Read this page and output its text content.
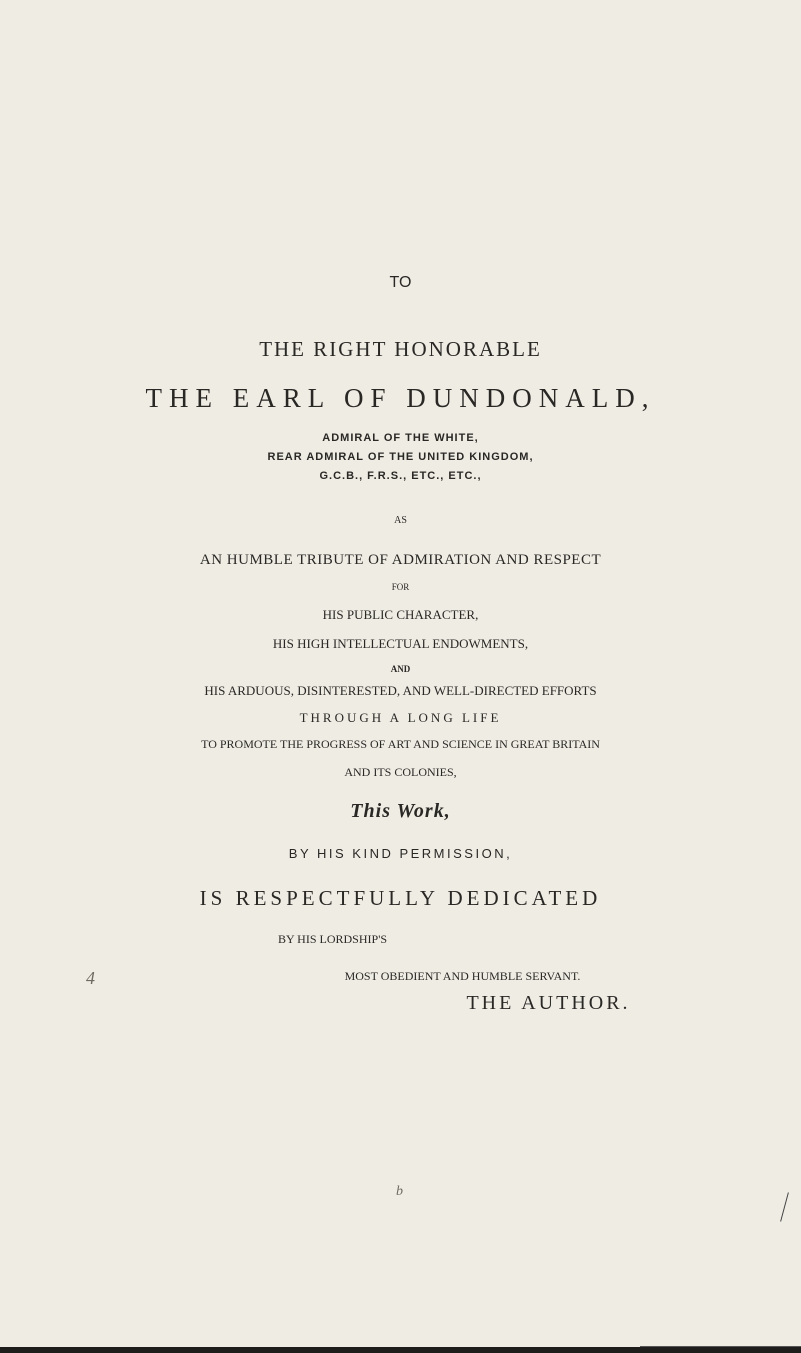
TO
THE RIGHT HONORABLE
THE EARL OF DUNDONALD,
ADMIRAL OF THE WHITE,
REAR ADMIRAL OF THE UNITED KINGDOM,
G.C.B., F.R.S., ETC., ETC.,
AS
AN HUMBLE TRIBUTE OF ADMIRATION AND RESPECT
FOR
HIS PUBLIC CHARACTER,
HIS HIGH INTELLECTUAL ENDOWMENTS,
AND
HIS ARDUOUS, DISINTERESTED, AND WELL-DIRECTED EFFORTS
THROUGH A LONG LIFE
TO PROMOTE THE PROGRESS OF ART AND SCIENCE IN GREAT BRITAIN
AND ITS COLONIES,
This Work,
BY HIS KIND PERMISSION,
IS RESPECTFULLY DEDICATED
BY HIS LORDSHIP'S
MOST OBEDIENT AND HUMBLE SERVANT.
THE AUTHOR.
4
b
